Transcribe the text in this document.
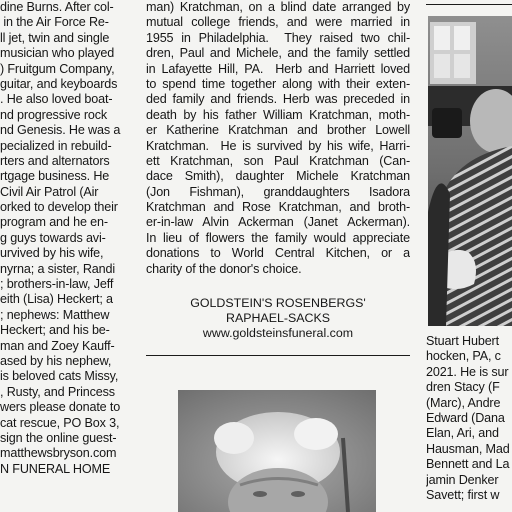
dine Burns. After col-
in the Air Force Re-
ll jet, twin and single
musician who played
) Fruitgum Company,
guitar, and keyboards
. He also loved boat-
nd progressive rock
nd Genesis. He was a
pecialized in rebuild-
rters and alternators
rtgage business. He
Civil Air Patrol (Air
orked to develop their
program and he en-
g guys towards avi-
urvived by his wife,
nyrna; a sister, Randi
; brothers-in-law, Jeff
eith (Lisa) Heckert; a
; nephews: Matthew
Heckert; and his be-
man and Zoey Kauff-
ased by his nephew,
is beloved cats Missy,
, Rusty, and Princess
wers please donate to
cat rescue, PO Box 3,
sign the online guest-
matthewsbryson.com
N FUNERAL HOME
man) Kratchman, on a blind date arranged by
mutual college friends, and were married in
1955 in Philadelphia.  They raised two chil-
dren, Paul and Michele, and the family settled
in Lafayette Hill, PA.  Herb and Harriett loved
to spend time together along with their exten-
ded family and friends. Herb was preceded in
death by his father William Kratchman, moth-
er Katherine Kratchman and brother Lowell
Kratchman.  He is survived by his wife, Harri-
ett Kratchman, son Paul Kratchman (Can-
dace Smith), daughter Michele Kratchman
(Jon Fishman), granddaughters Isadora
Kratchman and Rose Kratchman, and broth-
er-in-law Alvin Ackerman (Janet Ackerman).
In lieu of flowers the family would appreciate
donations to World Central Kitchen, or a
charity of the donor's choice.
GOLDSTEIN'S ROSENBERGS'
RAPHAEL-SACKS
www.goldsteinsfuneral.com
Stuart Hubert
hocken, PA, c
2021. He is sur
dren Stacy (F
(Marc), Andre
Edward (Dana
Elan, Ari, and
Hausman, Mad
Bennett and La
jamin Denker
Savett; first w
